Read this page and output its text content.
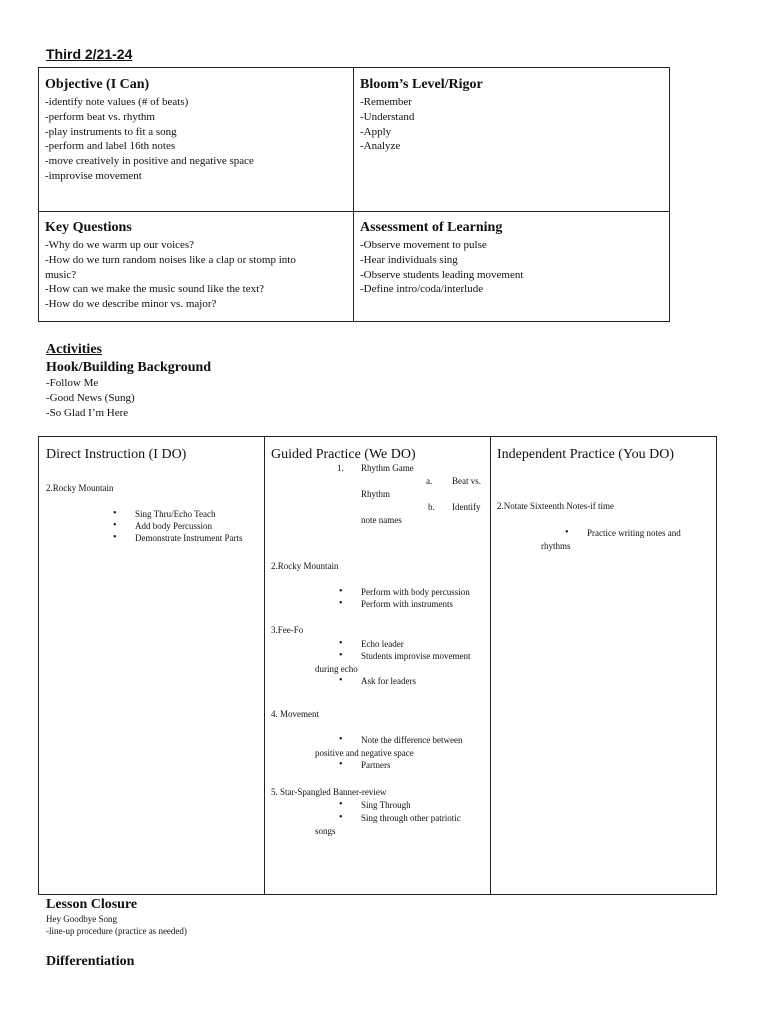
Third 2/21-24
Objective (I Can)
-identify note values (# of beats)
-perform beat vs. rhythm
-play instruments to fit a song
-perform and label 16th notes
-move creatively in positive and negative space
-improvise movement
Bloom’s Level/Rigor
-Remember
-Understand
-Apply
-Analyze
Key Questions
-Why do we warm up our voices?
-How do we turn random noises like a clap or stomp into
music?
-How can we make the music sound like the text?
-How do we describe minor vs. major?
Assessment of Learning
-Observe movement to pulse
-Hear individuals sing
-Observe students leading movement
-Define intro/coda/interlude
Activities
Hook/Building Background
-Follow Me
-Good News (Sung)
-So Glad I’m Here
Direct Instruction (I DO)
2.Rocky Mountain
• Sing Thru/Echo Teach
• Add body Percussion
• Demonstrate Instrument Parts
Guided Practice (We DO)
1. Rhythm Game
a. Beat vs.
Rhythm
b. Identify
note names
2.Rocky Mountain
• Perform with body percussion
• Perform with instruments
3.Fee-Fo
• Echo leader
• Students improvise movement
during echo
• Ask for leaders
4. Movement
• Note the difference between
positive and negative space
• Partners
5. Star-Spangled Banner-review
• Sing Through
• Sing through other patriotic
songs
Independent Practice (You DO)
2.Notate Sixteenth Notes-if time
• Practice writing notes and
rhythms
Lesson Closure
Hey Goodbye Song
-line-up procedure (practice as needed)
Differentiation
